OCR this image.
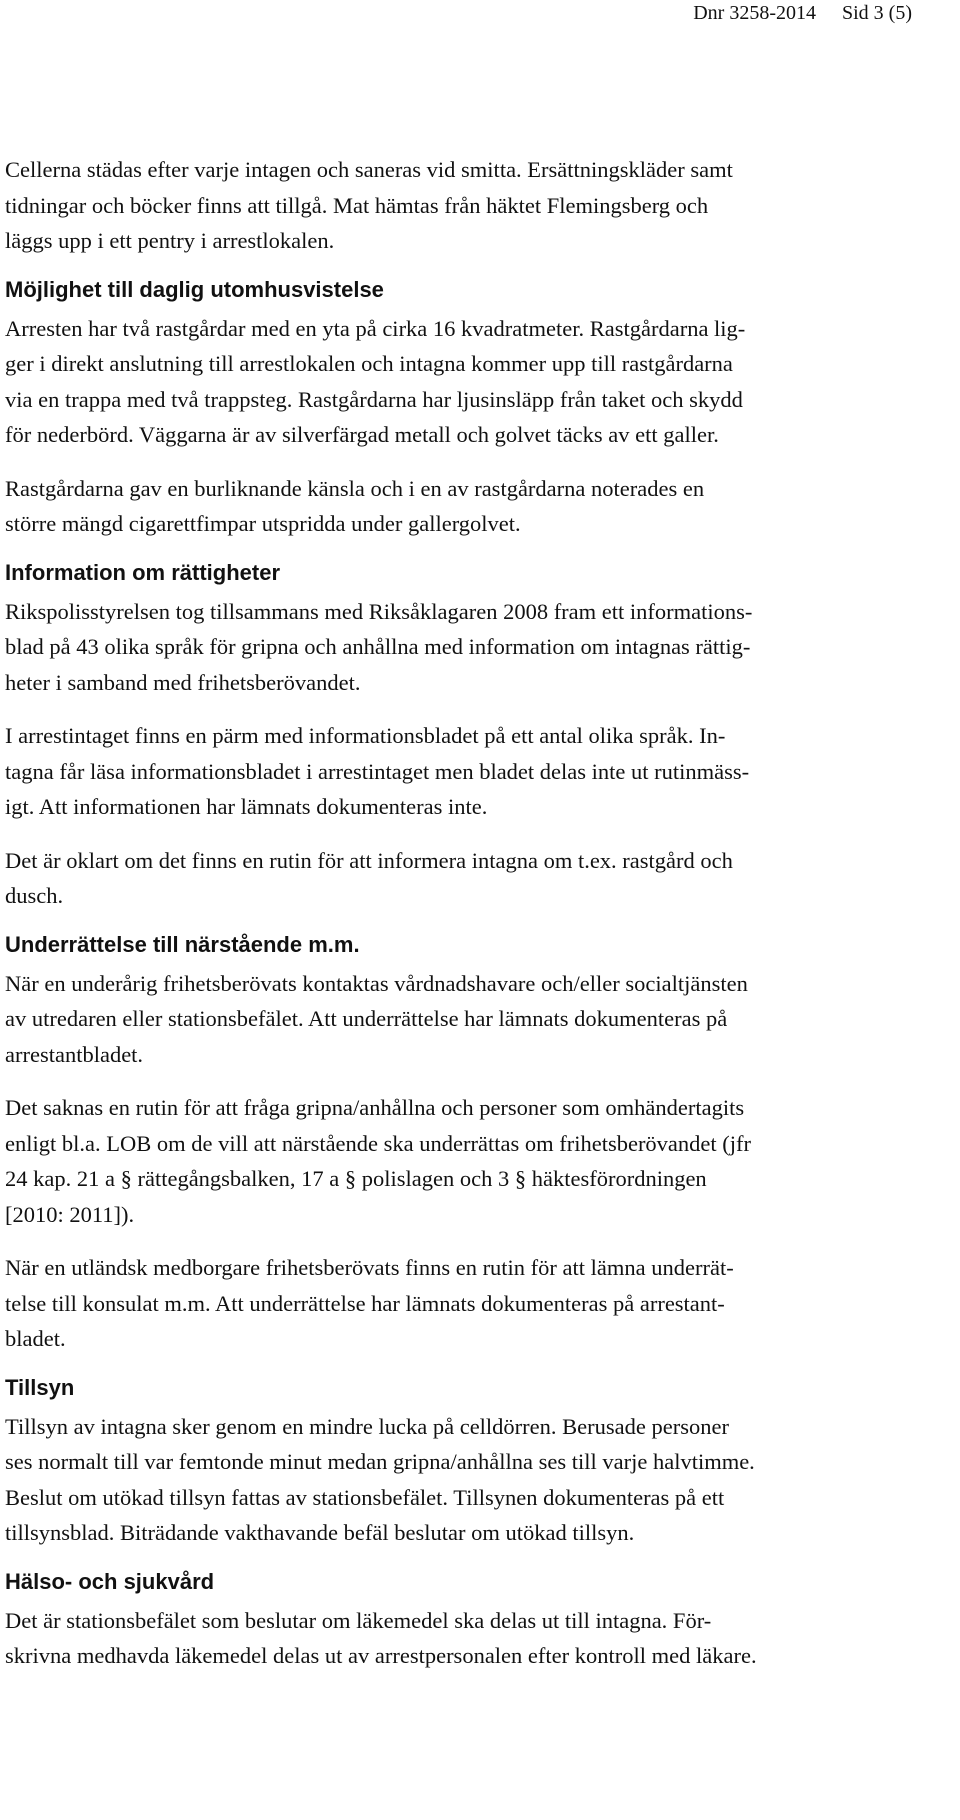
Dnr 3258-2014 Sid 3 (5)

Cellerna städas efter varje intagen och saneras vid smitta. Ersättningskläder samt
tidningar och böcker finns att tillgå. Mat hämtas från häktet Flemingsberg och
läggs upp i ett pentry i arrestlokalen.

Möjlighet till daglig utomhusvistelse

Arresten har två rastgårdar med en yta på cirka 16 kvadratmeter. Rastgårdarna lig-
ger i direkt anslutning till arrestlokalen och intagna kommer upp till rastgårdarna
via en trappa med två trappsteg. Rastgårdarna har ljusinsläpp från taket och skydd
för nederbörd. Väggarna är av silverfärgad metall och golvet täcks av ett galler.

Rastgårdarna gav en burliknande känsla och i en av rastgårdarna noterades en
större mängd cigarettfimpar utspridda under gallergolvet.

Information om rättigheter

Rikspolisstyrelsen tog tillsammans med Riksåklagaren 2008 fram ett informations-
blad på 43 olika språk för gripna och anhållna med information om intagnas rättig-
heter i samband med frihetsberövandet.

I arrestintaget finns en pärm med informationsbladet på ett antal olika språk. In-
tagna får läsa informationsbladet i arrestintaget men bladet delas inte ut rutinmäss-
igt. Att informationen har lämnats dokumenteras inte.

Det är oklart om det finns en rutin för att informera intagna om t.ex. rastgård och
dusch.

Underrättelse till närstående m.m.

När en underårig frihetsberövats kontaktas vårdnadshavare och/eller socialtjänsten
av utredaren eller stationsbefälet. Att underrättelse har lämnats dokumenteras på
arrestantbladet.

Det saknas en rutin för att fråga gripna/anhållna och personer som omhändertagits
enligt bl.a. LOB om de vill att närstående ska underrättas om frihetsberövandet (jfr
24 kap. 21 a § rättegångsbalken, 17 a § polislagen och 3 § häktesförordningen
[2010: 2011]).

När en utländsk medborgare frihetsberövats finns en rutin för att lämna underrät-
telse till konsulat m.m. Att underrättelse har lämnats dokumenteras på arrestant-
bladet.

Tillsyn

Tillsyn av intagna sker genom en mindre lucka på celldörren. Berusade personer
ses normalt till var femtonde minut medan gripna/anhållna ses till varje halvtimme.
Beslut om utökad tillsyn fattas av stationsbefälet. Tillsynen dokumenteras på ett
tillsynsblad. Biträdande vakthavande befäl beslutar om utökad tillsyn.

Hälso- och sjukvård

Det är stationsbefälet som beslutar om läkemedel ska delas ut till intagna. För-
skrivna medhavda läkemedel delas ut av arrestpersonalen efter kontroll med läkare.
